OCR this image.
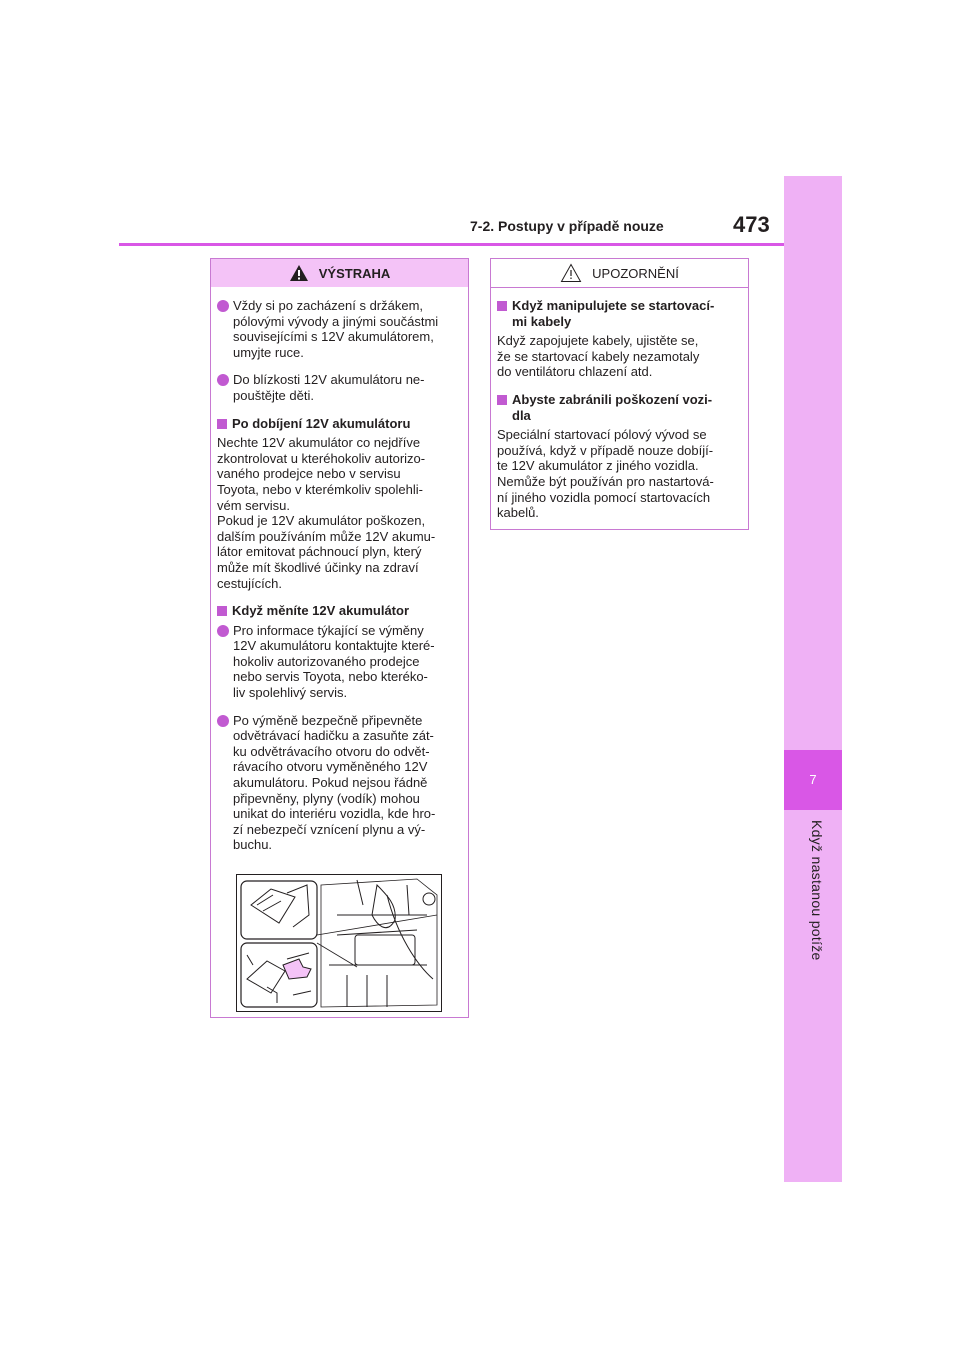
7
Když nastanou potíže
7-2. Postupy v případě nouze	473
VÝSTRAHA
Vždy si po zacházení s držákem,
pólovými vývody a jinými součástmi
souvisejícími s 12V akumulátorem,
umyjte ruce.
Do blízkosti 12V akumulátoru ne-
pouštějte děti.
Po dobíjení 12V akumulátoru
Nechte 12V akumulátor co nejdříve
zkontrolovat u kteréhokoliv autorizo-
vaného prodejce nebo v servisu
Toyota, nebo v kterémkoliv spolehli-
vém servisu.
Pokud je 12V akumulátor poškozen,
dalším používáním může 12V akumu-
látor emitovat páchnoucí plyn, který
může mít škodlivé účinky na zdraví
cestujících.
Když měníte 12V akumulátor
Pro informace týkající se výměny
12V akumulátoru kontaktujte které-
hokoliv autorizovaného prodejce
nebo servis Toyota, nebo kteréko-
liv spolehlivý servis.
Po výměně bezpečně připevněte
odvětrávací hadičku a zasuňte zát-
ku odvětrávacího otvoru do odvět-
rávacího otvoru vyměněného 12V
akumulátoru. Pokud nejsou řádně
připevněny, plyny (vodík) mohou
unikat do interiéru vozidla, kde hro-
zí nebezpečí vznícení plynu a vý-
buchu.
UPOZORNĚNÍ
Když manipulujete se startovací-
mi kabely
Když zapojujete kabely, ujistěte se,
že se startovací kabely nezamotaly
do ventilátoru chlazení atd.
Abyste zabránili poškození vozi-
dla
Speciální startovací pólový vývod se
používá, když v případě nouze dobíjí-
te 12V akumulátor z jiného vozidla.
Nemůže být používán pro nastartová-
ní jiného vozidla pomocí startovacích
kabelů.
